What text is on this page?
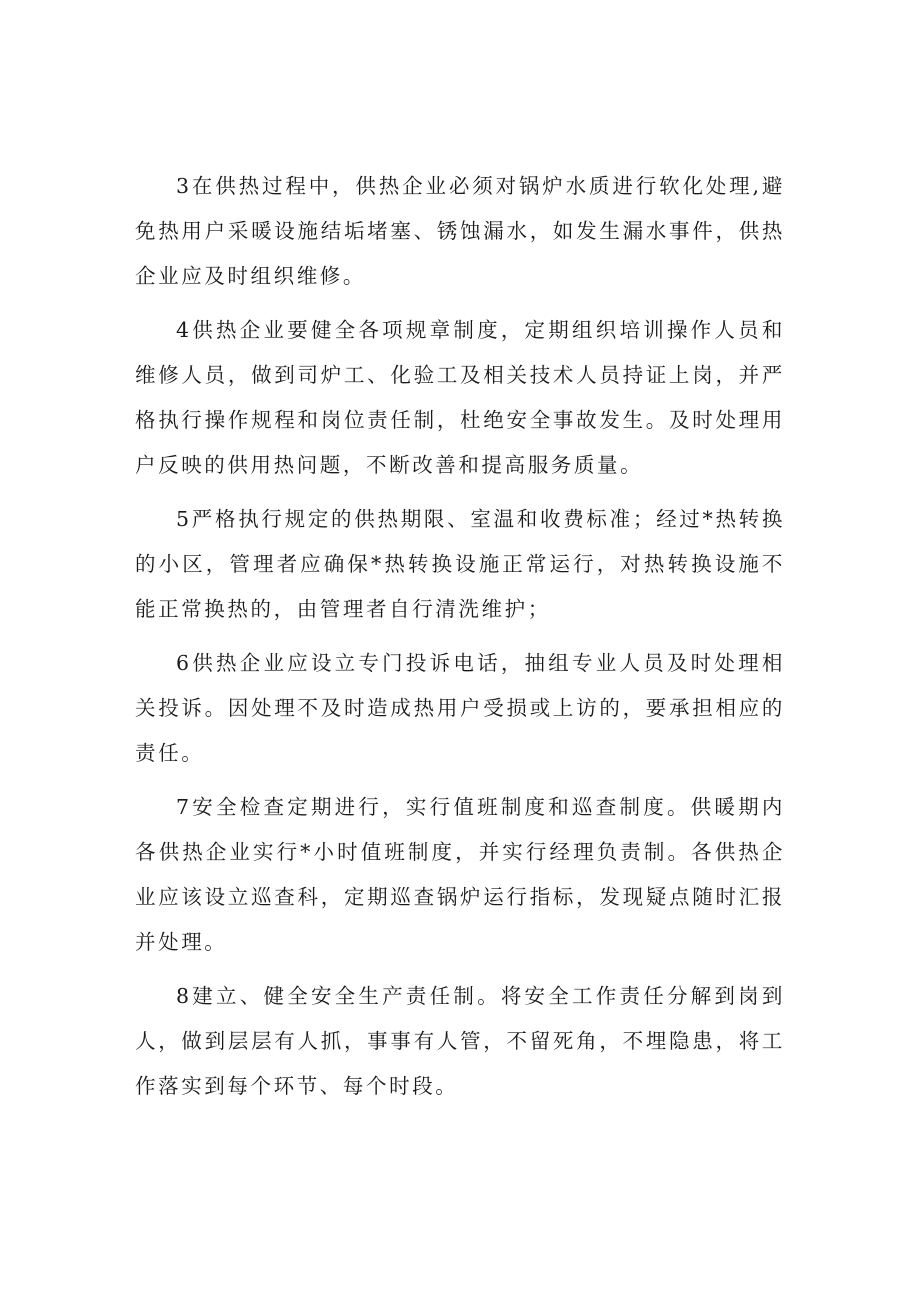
3在供热过程中，供热企业必须对锅炉水质进行软化处理,避免热用户采暖设施结垢堵塞、锈蚀漏水，如发生漏水事件，供热企业应及时组织维修。

4供热企业要健全各项规章制度，定期组织培训操作人员和维修人员，做到司炉工、化验工及相关技术人员持证上岗，并严格执行操作规程和岗位责任制，杜绝安全事故发生。及时处理用户反映的供用热问题，不断改善和提高服务质量。

5严格执行规定的供热期限、室温和收费标准；经过*热转换的小区，管理者应确保*热转换设施正常运行，对热转换设施不能正常换热的，由管理者自行清洗维护；

6供热企业应设立专门投诉电话，抽组专业人员及时处理相关投诉。因处理不及时造成热用户受损或上访的，要承担相应的责任。

7安全检查定期进行，实行值班制度和巡查制度。供暖期内各供热企业实行*小时值班制度，并实行经理负责制。各供热企业应该设立巡查科，定期巡查锅炉运行指标，发现疑点随时汇报并处理。

8建立、健全安全生产责任制。将安全工作责任分解到岗到人，做到层层有人抓，事事有人管，不留死角，不埋隐患，将工作落实到每个环节、每个时段。
